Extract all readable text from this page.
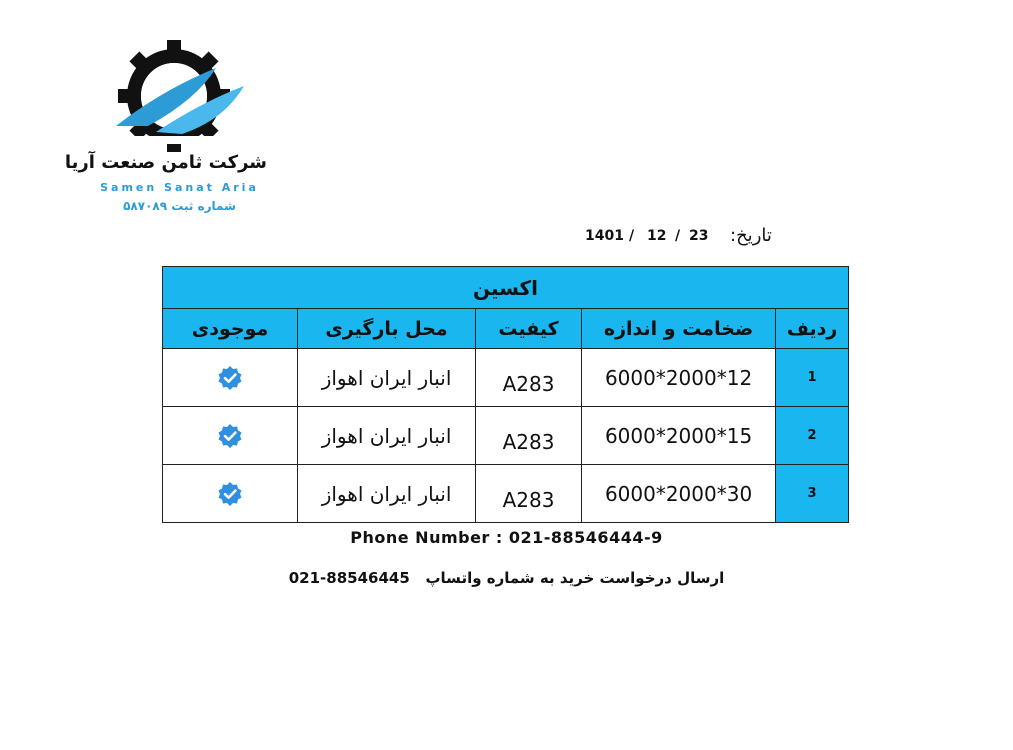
شرکت ثامن صنعت آریا
Samen Sanat Aria
شماره ثبت ۵۸۷۰۸۹
تاریخ:
1401 / 12 / 23
اکسین				
ردیف	ضخامت و اندازه	کیفیت	محل بارگیری	موجودی
1	6000*2000*12	A283	انبار ایران اهواز	
2	6000*2000*15	A283	انبار ایران اهواز	
3	6000*2000*30	A283	انبار ایران اهواز	
Phone Number : 021-88546444-9
ارسال درخواست خرید به شماره واتساپ   021-88546445
